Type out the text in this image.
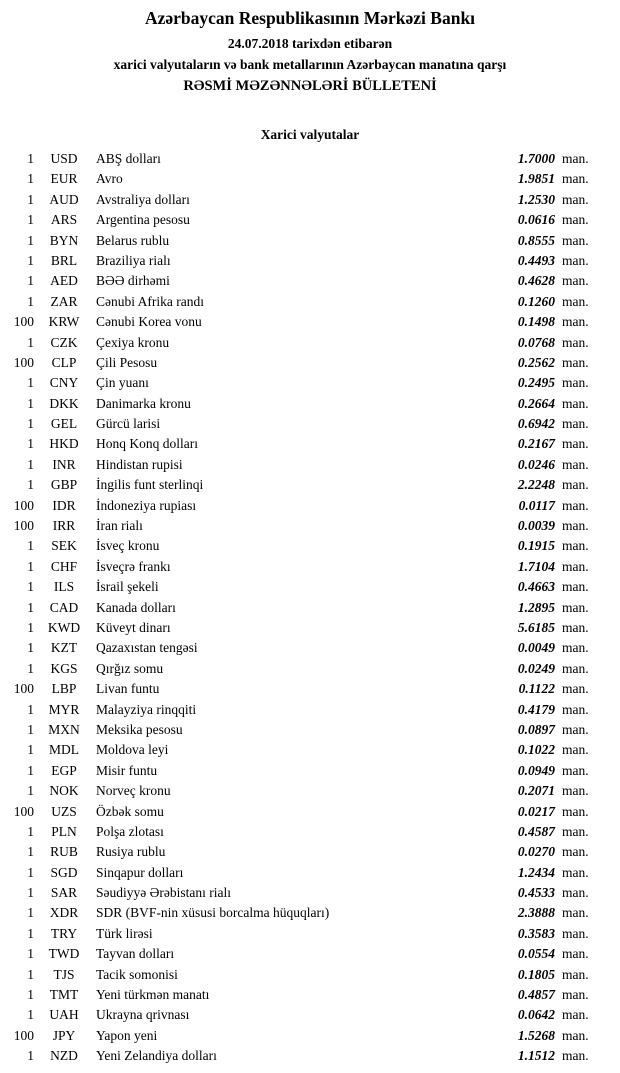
Azərbaycan Respublikasının Mərkəzi Bankı
24.07.2018 tarixdən etibarən
xarici valyutaların və bank metallarının Azərbaycan manatına qarşı
RƏSMİ MƏZƏNNƏLƏRİ BÜLLETENİ
Xarici valyutalar
1	USD	ABŞ dolları	1.7000 man.
1	EUR	Avro	1.9851 man.
1	AUD	Avstraliya dolları	1.2530 man.
1	ARS	Argentina pesosu	0.0616 man.
1	BYN	Belarus rublu	0.8555 man.
1	BRL	Braziliya rialı	0.4493 man.
1	AED	BƏƏ dirhəmi	0.4628 man.
1	ZAR	Cənubi Afrika randı	0.1260 man.
100	KRW	Cənubi Korea vonu	0.1498 man.
1	CZK	Çexiya kronu	0.0768 man.
100	CLP	Çili Pesosu	0.2562 man.
1	CNY	Çin yuanı	0.2495 man.
1	DKK	Danimarka kronu	0.2664 man.
1	GEL	Gürcü larisi	0.6942 man.
1	HKD	Honq Konq dolları	0.2167 man.
1	INR	Hindistan rupisi	0.0246 man.
1	GBP	İngilis funt sterlinqi	2.2248 man.
100	IDR	İndoneziya rupiası	0.0117 man.
100	IRR	İran rialı	0.0039 man.
1	SEK	İsveç kronu	0.1915 man.
1	CHF	İsveçrə frankı	1.7104 man.
1	ILS	İsrail şekeli	0.4663 man.
1	CAD	Kanada dolları	1.2895 man.
1	KWD	Küveyt dinarı	5.6185 man.
1	KZT	Qazaxıstan tengəsi	0.0049 man.
1	KGS	Qırğız somu	0.0249 man.
100	LBP	Livan funtu	0.1122 man.
1	MYR	Malayziya rinqqiti	0.4179 man.
1	MXN	Meksika pesosu	0.0897 man.
1	MDL	Moldova leyi	0.1022 man.
1	EGP	Misir funtu	0.0949 man.
1	NOK	Norveç kronu	0.2071 man.
100	UZS	Özbək somu	0.0217 man.
1	PLN	Polşa zlotası	0.4587 man.
1	RUB	Rusiya rublu	0.0270 man.
1	SGD	Sinqapur dolları	1.2434 man.
1	SAR	Səudiyyə Ərəbistanı rialı	0.4533 man.
1	XDR	SDR (BVF-nin xüsusi borcalma hüquqları)	2.3888 man.
1	TRY	Türk lirəsi	0.3583 man.
1	TWD	Tayvan dolları	0.0554 man.
1	TJS	Tacik somonisi	0.1805 man.
1	TMT	Yeni türkmən manatı	0.4857 man.
1	UAH	Ukrayna qrivnası	0.0642 man.
100	JPY	Yapon yeni	1.5268 man.
1	NZD	Yeni Zelandiya dolları	1.1512 man.
